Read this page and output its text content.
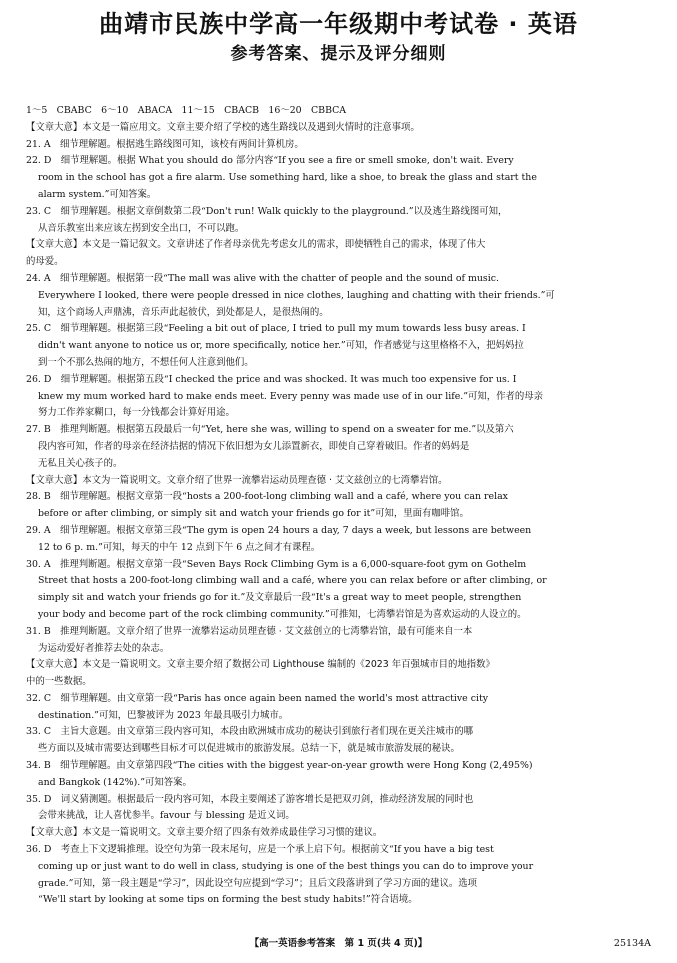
曲靖市民族中学高一年级期中考试卷 · 英语
参考答案、提示及评分细则
1～5　CBABC　6～10　ABACA　11～15　CBACB　16～20　CBBCA
【文章大意】本文是一篇应用文。文章主要介绍了学校的逃生路线以及遇到火情时的注意事项。
21. A　细节理解题。根据逃生路线图可知，该校有两间计算机房。
22. D　细节理解题。根据 What you should do 部分内容“If you see a fire or smell smoke, don't wait. Every
room in the school has got a fire alarm. Use something hard, like a shoe, to break the glass and start the
alarm system.”可知答案。
23. C　细节理解题。根据文章倒数第二段“Don't run! Walk quickly to the playground.”以及逃生路线图可知，
从音乐教室出来应该左拐到安全出口，不可以跑。
【文章大意】本文是一篇记叙文。文章讲述了作者母亲优先考虑女儿的需求，即使牺牲自己的需求，体现了伟大
的母爱。
24. A　细节理解题。根据第一段“The mall was alive with the chatter of people and the sound of music.
Everywhere I looked, there were people dressed in nice clothes, laughing and chatting with their friends.”可
知，这个商场人声鼎沸，音乐声此起彼伏，到处都是人，是很热闹的。
25. C　细节理解题。根据第三段“Feeling a bit out of place, I tried to pull my mum towards less busy areas. I
didn't want anyone to notice us or, more specifically, notice her.”可知，作者感觉与这里格格不入，把妈妈拉
到一个不那么热闹的地方，不想任何人注意到他们。
26. D　细节理解题。根据第五段“I checked the price and was shocked. It was much too expensive for us. I
knew my mum worked hard to make ends meet. Every penny was made use of in our life.”可知，作者的母亲
努力工作养家糊口，每一分钱都会计算好用途。
27. B　推理判断题。根据第五段最后一句“Yet, here she was, willing to spend on a sweater for me.”以及第六
段内容可知，作者的母亲在经济拮据的情况下依旧想为女儿添置新衣，即使自己穿着破旧。作者的妈妈是
无私且关心孩子的。
【文章大意】本文为一篇说明文。文章介绍了世界一流攀岩运动员理查德 · 艾文兹创立的七湾攀岩馆。
28. B　细节理解题。根据文章第一段“hosts a 200-foot-long climbing wall and a café, where you can relax
before or after climbing, or simply sit and watch your friends go for it”可知，里面有咖啡馆。
29. A　细节理解题。根据文章第三段“The gym is open 24 hours a day, 7 days a week, but lessons are between
12 to 6 p. m.”可知，每天的中午 12 点到下午 6 点之间才有课程。
30. A　推理判断题。根据文章第一段“Seven Bays Rock Climbing Gym is a 6,000-square-foot gym on Gothelm
Street that hosts a 200-foot-long climbing wall and a café, where you can relax before or after climbing, or
simply sit and watch your friends go for it.”及文章最后一段“It's a great way to meet people, strengthen
your body and become part of the rock climbing community.”可推知，七湾攀岩馆是为喜欢运动的人设立的。
31. B　推理判断题。文章介绍了世界一流攀岩运动员理查德 · 艾文兹创立的七湾攀岩馆，最有可能来自一本
为运动爱好者推荐去处的杂志。
【文章大意】本文是一篇说明文。文章主要介绍了数据公司 Lighthouse 编制的《2023 年百强城市目的地指数》
中的一些数据。
32. C　细节理解题。由文章第一段“Paris has once again been named the world's most attractive city
destination.”可知，巴黎被评为 2023 年最具吸引力城市。
33. C　主旨大意题。由文章第三段内容可知，本段由欧洲城市成功的秘诀引到旅行者们现在更关注城市的哪
些方面以及城市需要达到哪些目标才可以促进城市的旅游发展。总结一下，就是城市旅游发展的秘诀。
34. B　细节理解题。由文章第四段“The cities with the biggest year-on-year growth were Hong Kong (2,495%)
and Bangkok (142%).”可知答案。
35. D　词义猜测题。根据最后一段内容可知，本段主要阐述了游客增长是把双刃剑，推动经济发展的同时也
会带来挑战，让人喜忧参半。favour 与 blessing 是近义词。
【文章大意】本文是一篇说明文。文章主要介绍了四条有效养成最佳学习习惯的建议。
36. D　考查上下文逻辑推理。设空句为第一段末尾句，应是一个承上启下句。根据前文“If you have a big test
coming up or just want to do well in class, studying is one of the best things you can do to improve your
grade.”可知，第一段主题是“学习”，因此设空句应提到“学习”；且后文段落讲到了学习方面的建议。选项
“We'll start by looking at some tips on forming the best study habits!”符合语境。
【高一英语参考答案　第 1 页(共 4 页)】	25134A
